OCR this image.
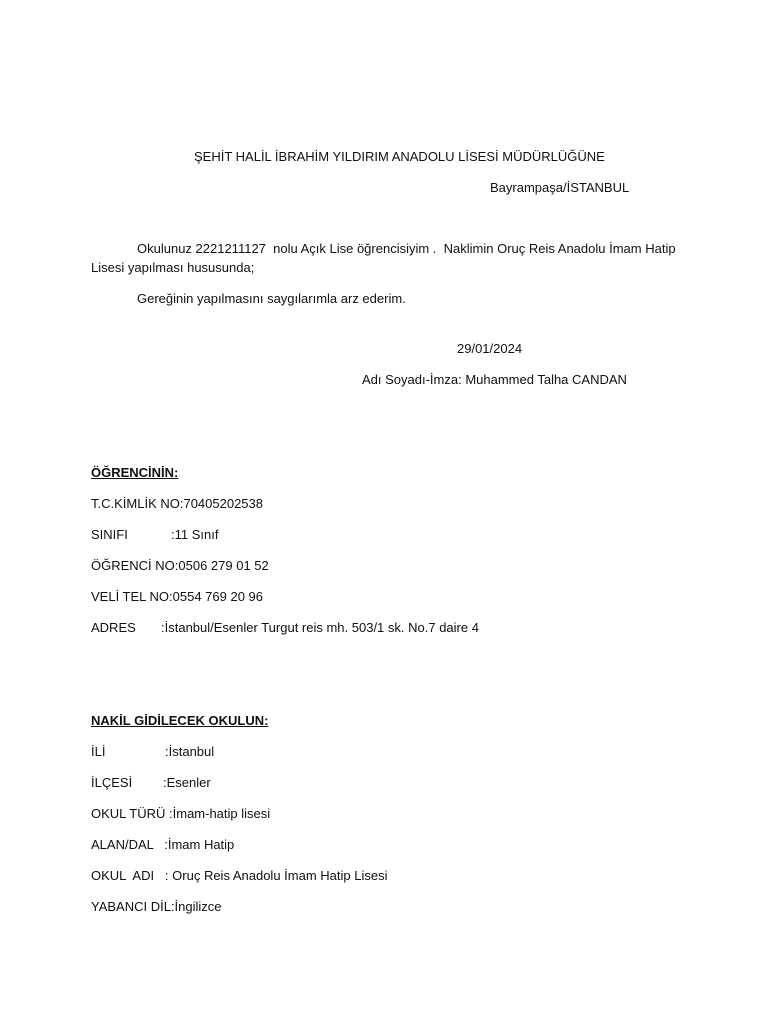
ŞEHİT HALİL İBRAHİM YILDIRIM ANADOLU LİSESİ MÜDÜRLÜĞÜNE
Bayrampaşa/İSTANBUL
Okulunuz 2221211127  nolu Açık Lise öğrencisiyim .  Naklimin Oruç Reis Anadolu İmam Hatip
Lisesi yapılması hususunda;
Gereğinin yapılmasını saygılarımla arz ederim.
29/01/2024
Adı Soyadı-İmza: Muhammed Talha CANDAN
ÖĞRENCİNİN:
T.C.KİMLİK NO:70405202538
SINIFI	:11 Sınıf
ÖĞRENCİ NO:0506 279 01 52
VELİ TEL NO:0554 769 20 96
ADRES :İstanbul/Esenler Turgut reis mh. 503/1 sk. No.7 daire 4
NAKİL GİDİLECEK OKULUN:
İLİ	:İstanbul
İLÇESİ :Esenler
OKUL TÜRÜ :İmam-hatip lisesi
ALAN/DAL   :İmam Hatip
OKUL  ADI   : Oruç Reis Anadolu İmam Hatip Lisesi
YABANCI DİL:İngilizce
